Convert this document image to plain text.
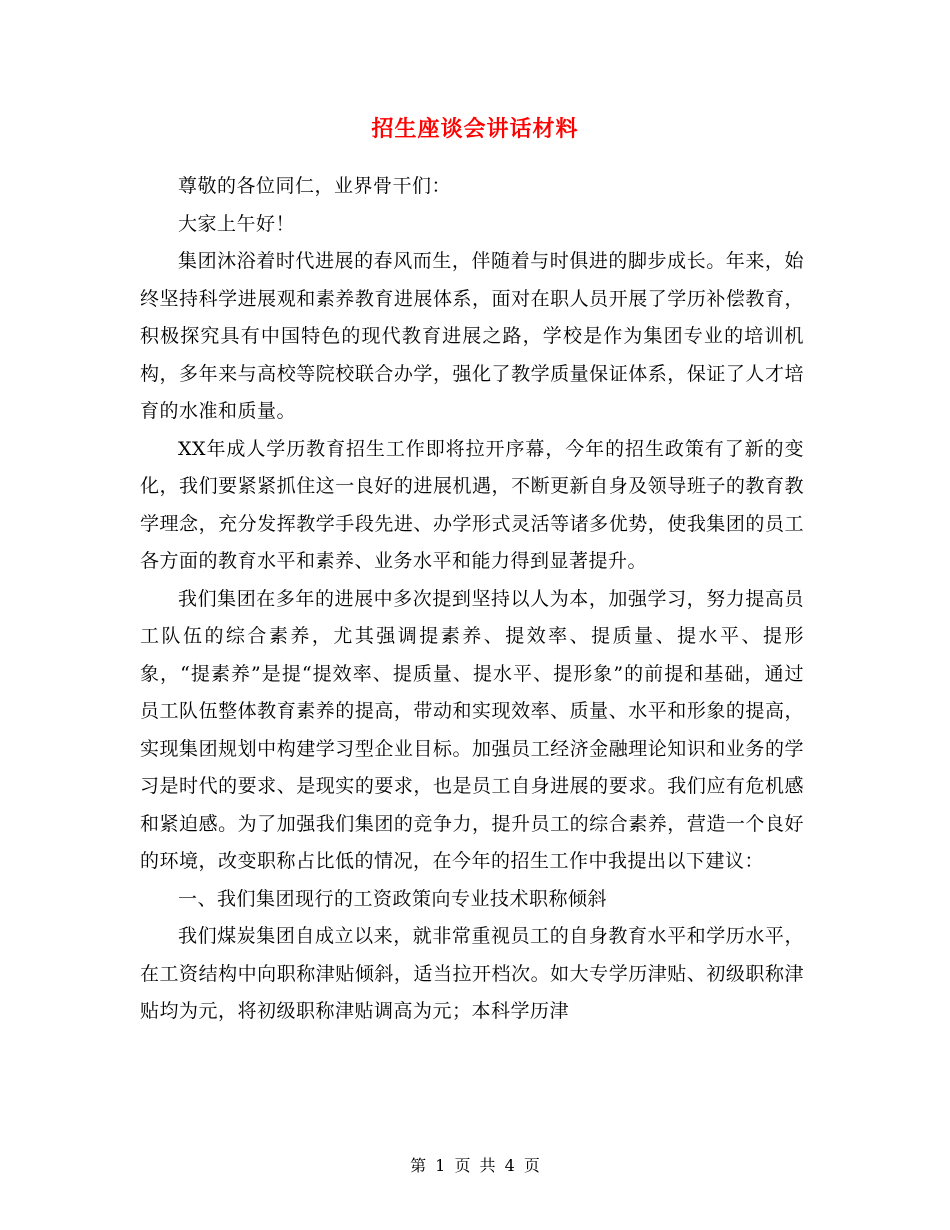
招生座谈会讲话材料

尊敬的各位同仁，业界骨干们：

大家上午好！

集团沐浴着时代进展的春风而生，伴随着与时俱进的脚步成长。年来，始终坚持科学进展观和素养教育进展体系，面对在职人员开展了学历补偿教育，积极探究具有中国特色的现代教育进展之路，学校是作为集团专业的培训机构，多年来与高校等院校联合办学，强化了教学质量保证体系，保证了人才培育的水准和质量。

XX年成人学历教育招生工作即将拉开序幕，今年的招生政策有了新的变化，我们要紧紧抓住这一良好的进展机遇，不断更新自身及领导班子的教育教学理念，充分发挥教学手段先进、办学形式灵活等诸多优势，使我集团的员工各方面的教育水平和素养、业务水平和能力得到显著提升。

我们集团在多年的进展中多次提到坚持以人为本，加强学习，努力提高员工队伍的综合素养，尤其强调提素养、提效率、提质量、提水平、提形象，“提素养”是提“提效率、提质量、提水平、提形象”的前提和基础，通过员工队伍整体教育素养的提高，带动和实现效率、质量、水平和形象的提高，实现集团规划中构建学习型企业目标。加强员工经济金融理论知识和业务的学习是时代的要求、是现实的要求，也是员工自身进展的要求。我们应有危机感和紧迫感。为了加强我们集团的竞争力，提升员工的综合素养，营造一个良好的环境，改变职称占比低的情况，在今年的招生工作中我提出以下建议：

一、我们集团现行的工资政策向专业技术职称倾斜

我们煤炭集团自成立以来，就非常重视员工的自身教育水平和学历水平，在工资结构中向职称津贴倾斜，适当拉开档次。如大专学历津贴、初级职称津贴均为元，将初级职称津贴调高为元；本科学历津

第 1 页 共 4 页
